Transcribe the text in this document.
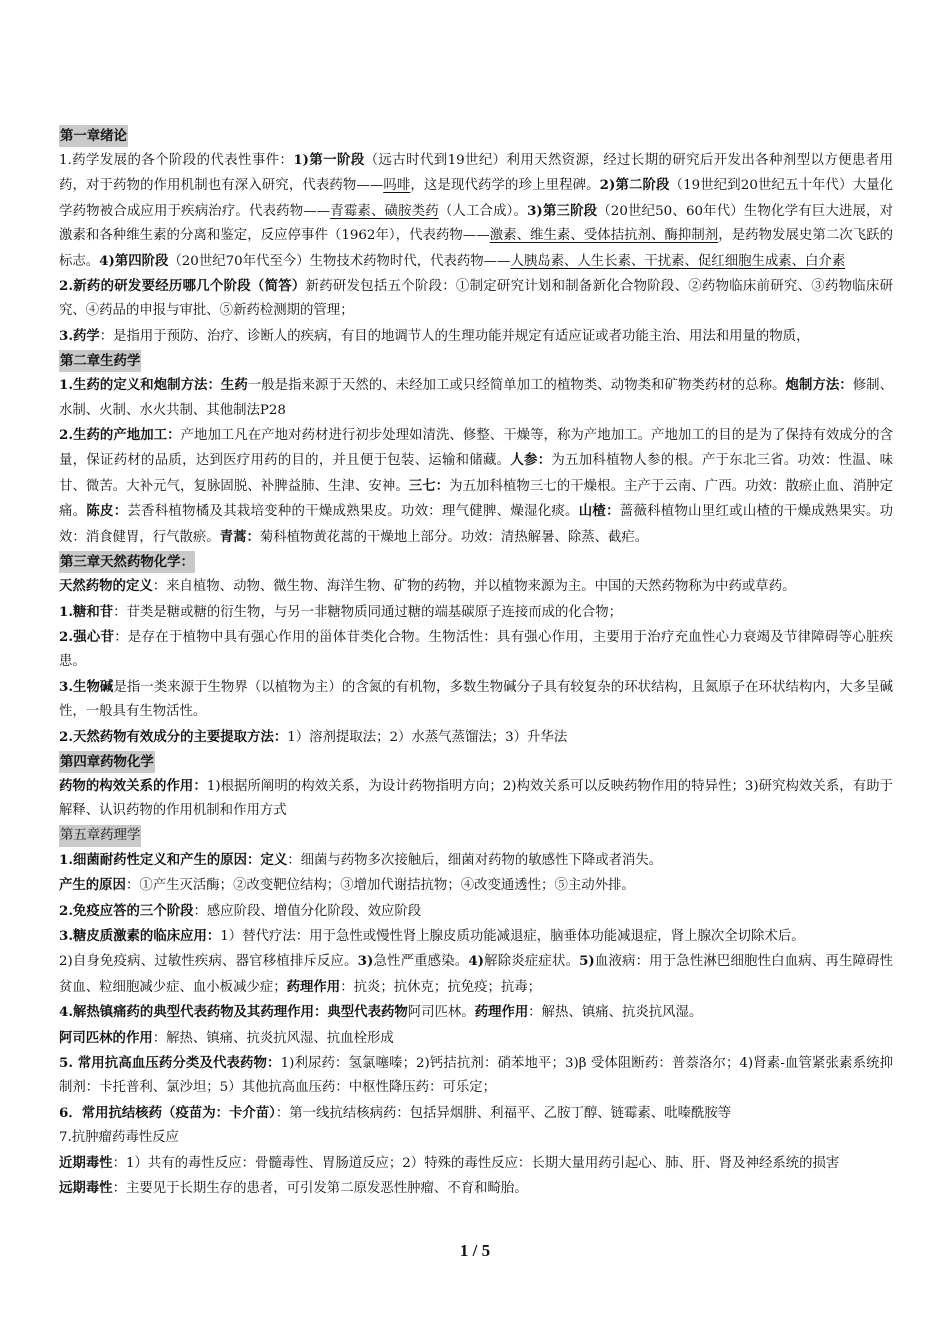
第一章绪论

1.药学发展的各个阶段的代表性事件：1)第一阶段（远古时代到19世纪）利用天然资源，经过长期的研究后开发出各种剂型以方便患者用药，对于药物的作用机制也有深入研究，代表药物——吗啡，这是现代药学的珍上里程碑。2)第二阶段（19世纪到20世纪五十年代）大量化学药物被合成应用于疾病治疗。代表药物——青霉素、磺胺类药（人工合成）。3)第三阶段（20世纪50、60年代）生物化学有巨大进展，对激素和各种维生素的分离和鉴定，反应停事件（1962年），代表药物——激素、维生素、受体拮抗剂、酶抑制剂，是药物发展史第二次飞跃的标志。4)第四阶段（20世纪70年代至今）生物技术药物时代，代表药物——人胰岛素、人生长素、干扰素、促红细胞生成素、白介素

2.新药的研发要经历哪几个阶段（简答）新药研发包括五个阶段：①制定研究计划和制备新化合物阶段、②药物临床前研究、③药物临床研究、④药品的申报与审批、⑤新药检测期的管理；

3.药学：是指用于预防、治疗、诊断人的疾病，有目的地调节人的生理功能并规定有适应证或者功能主治、用法和用量的物质，

第二章生药学

1.生药的定义和炮制方法：生药一般是指来源于天然的、未经加工或只经简单加工的植物类、动物类和矿物类药材的总称。炮制方法：修制、水制、火制、水火共制、其他制法P28

2.生药的产地加工：产地加工凡在产地对药材进行初步处理如清洗、修整、干燥等，称为产地加工。产地加工的目的是为了保持有效成分的含量，保证药材的品质，达到医疗用药的目的，并且便于包装、运输和储藏。人参：为五加科植物人参的根。产于东北三省。功效：性温、味甘、微苦。大补元气，复脉固脱、补脾益肺、生津、安神。三七：为五加科植物三七的干燥根。主产于云南、广西。功效：散瘀止血、消肿定痛。陈皮：芸香科植物橘及其栽培变种的干燥成熟果皮。功效：理气健脾、燥湿化痰。山楂：蔷薇科植物山里红或山楂的干燥成熟果实。功效：消食健胃，行气散瘀。青蒿：菊科植物黄花蒿的干燥地上部分。功效：清热解暑、除蒸、截疟。

第三章天然药物化学：

天然药物的定义：来自植物、动物、微生物、海洋生物、矿物的药物，并以植物来源为主。中国的天然药物称为中药或草药。

1.糖和苷：苷类是糖或糖的衍生物，与另一非糖物质同通过糖的端基碳原子连接而成的化合物；

2.强心苷：是存在于植物中具有强心作用的甾体苷类化合物。生物活性：具有强心作用，主要用于治疗充血性心力衰竭及节律障碍等心脏疾患。

3.生物碱是指一类来源于生物界（以植物为主）的含氮的有机物，多数生物碱分子具有较复杂的环状结构，且氮原子在环状结构内，大多呈碱性，一般具有生物活性。

2.天然药物有效成分的主要提取方法：1）溶剂提取法；2）水蒸气蒸馏法；3）升华法

第四章药物化学

药物的构效关系的作用：1)根据所阐明的构效关系，为设计药物指明方向；2)构效关系可以反映药物作用的特异性；3)研究构效关系，有助于解释、认识药物的作用机制和作用方式

第五章药理学

1.细菌耐药性定义和产生的原因：定义：细菌与药物多次接触后，细菌对药物的敏感性下降或者消失。

产生的原因：①产生灭活酶；②改变靶位结构；③增加代谢拮抗物；④改变通透性；⑤主动外排。

2.免疫应答的三个阶段：感应阶段、增值分化阶段、效应阶段

3.糖皮质激素的临床应用：1）替代疗法：用于急性或慢性肾上腺皮质功能减退症，脑垂体功能减退症，肾上腺次全切除术后。

2)自身免疫病、过敏性疾病、器官移植排斥反应。3)急性严重感染。4)解除炎症症状。5)血液病：用于急性淋巴细胞性白血病、再生障碍性贫血、粒细胞减少症、血小板减少症；药理作用：抗炎；抗休克；抗免疫；抗毒；

4.解热镇痛药的典型代表药物及其药理作用：典型代表药物阿司匹林。药理作用：解热、镇痛、抗炎抗风湿。

阿司匹林的作用：解热、镇痛、抗炎抗风湿、抗血栓形成

5. 常用抗高血压药分类及代表药物：1)利尿药：氢氯噻嗪；2)钙拮抗剂：硝苯地平；3)β 受体阻断药：普萘洛尔；4)肾素-血管紧张素系统抑制剂：卡托普利、氯沙坦；5）其他抗高血压药：中枢性降压药：可乐定；

6．常用抗结核药（疫苗为：卡介苗）：第一线抗结核病药：包括异烟肼、利福平、乙胺丁醇、链霉素、吡嗪酰胺等

7.抗肿瘤药毒性反应

近期毒性：1）共有的毒性反应：骨髓毒性、胃肠道反应；2）特殊的毒性反应：长期大量用药引起心、肺、肝、肾及神经系统的损害

远期毒性：主要见于长期生存的患者，可引发第二原发恶性肿瘤、不育和畸胎。

1 / 5
